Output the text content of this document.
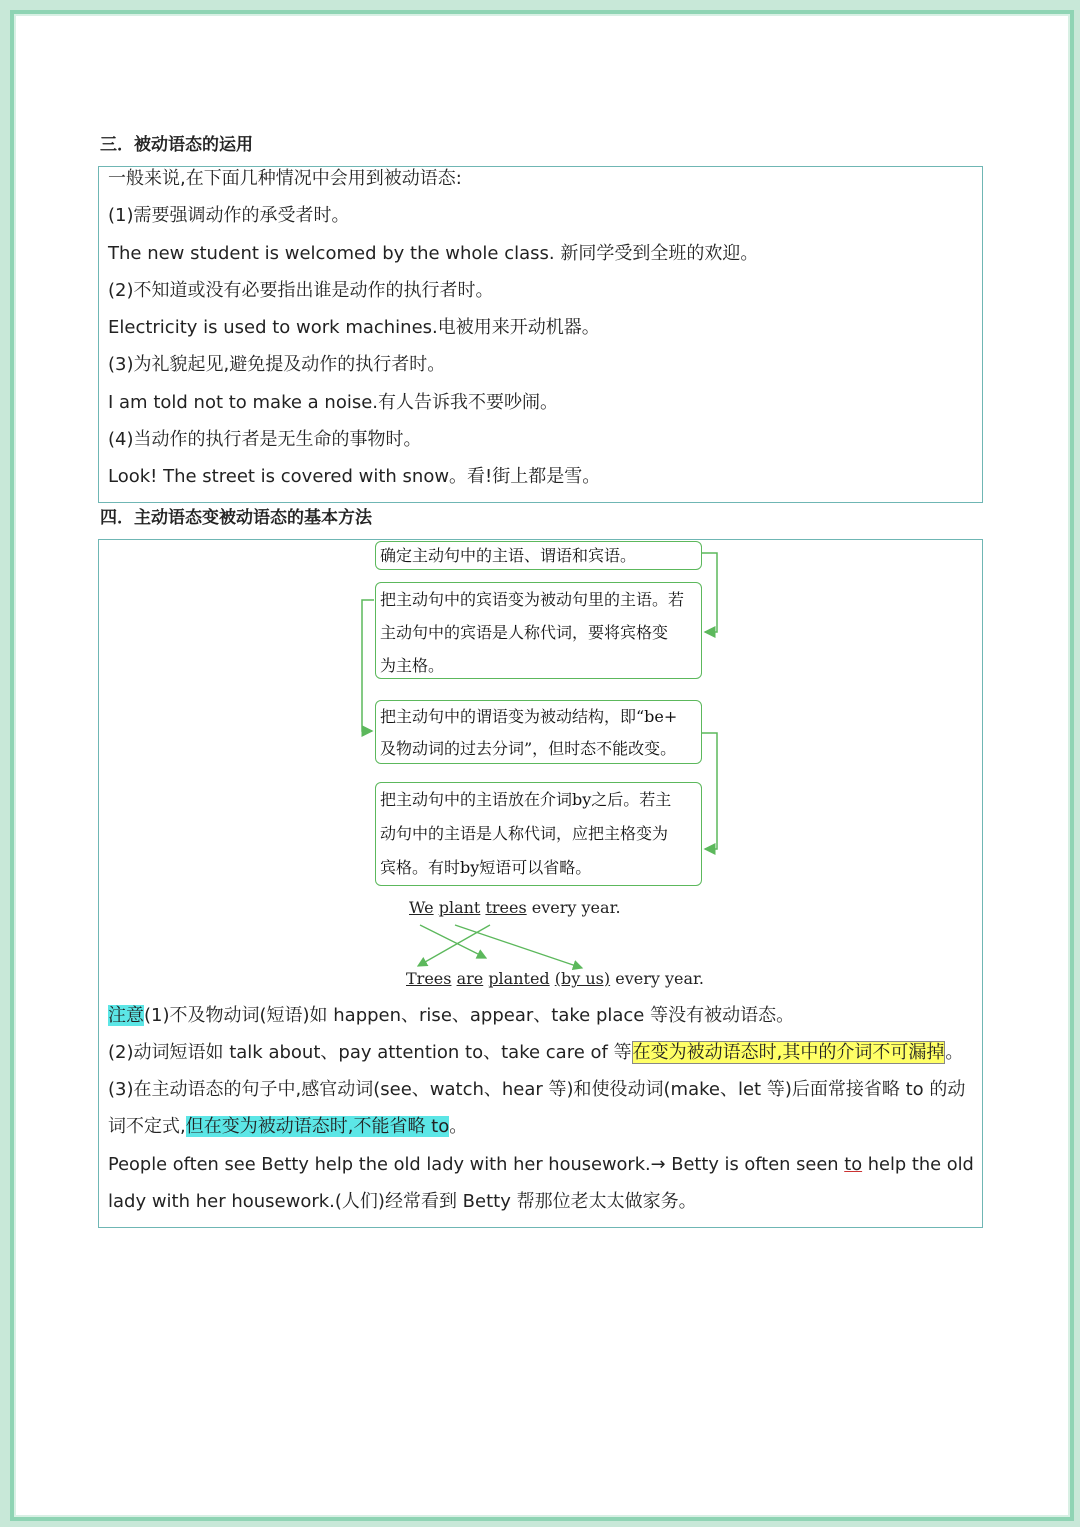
三．被动语态的运用
一般来说,在下面几种情况中会用到被动语态:
(1)需要强调动作的承受者时。
The new student is welcomed by the whole class. 新同学受到全班的欢迎。
(2)不知道或没有必要指出谁是动作的执行者时。
Electricity is used to work machines.电被用来开动机器。
(3)为礼貌起见,避免提及动作的执行者时。
I am told not to make a noise.有人告诉我不要吵闹。
(4)当动作的执行者是无生命的事物时。
Look! The street is covered with snow。看!街上都是雪。
四．主动语态变被动语态的基本方法
确定主动句中的主语、谓语和宾语。
把主动句中的宾语变为被动句里的主语。若
主动句中的宾语是人称代词，要将宾格变
为主格。
把主动句中的谓语变为被动结构，即“be+
及物动词的过去分词”，但时态不能改变。
把主动句中的主语放在介词by之后。若主
动句中的主语是人称代词，应把主格变为
宾格。有时by短语可以省略。
We plant trees every year.
Trees are planted (by us) every year.
注意(1)不及物动词(短语)如 happen、rise、appear、take place 等没有被动语态。
(2)动词短语如 talk about、pay attention to、take care of 等在变为被动语态时,其中的介词不可漏掉。
(3)在主动语态的句子中,感官动词(see、watch、hear 等)和使役动词(make、let 等)后面常接省略 to 的动
词不定式,但在变为被动语态时,不能省略 to。
People often see Betty help the old lady with her housework.→ Betty is often seen to help the old
lady with her housework.(人们)经常看到 Betty 帮那位老太太做家务。
